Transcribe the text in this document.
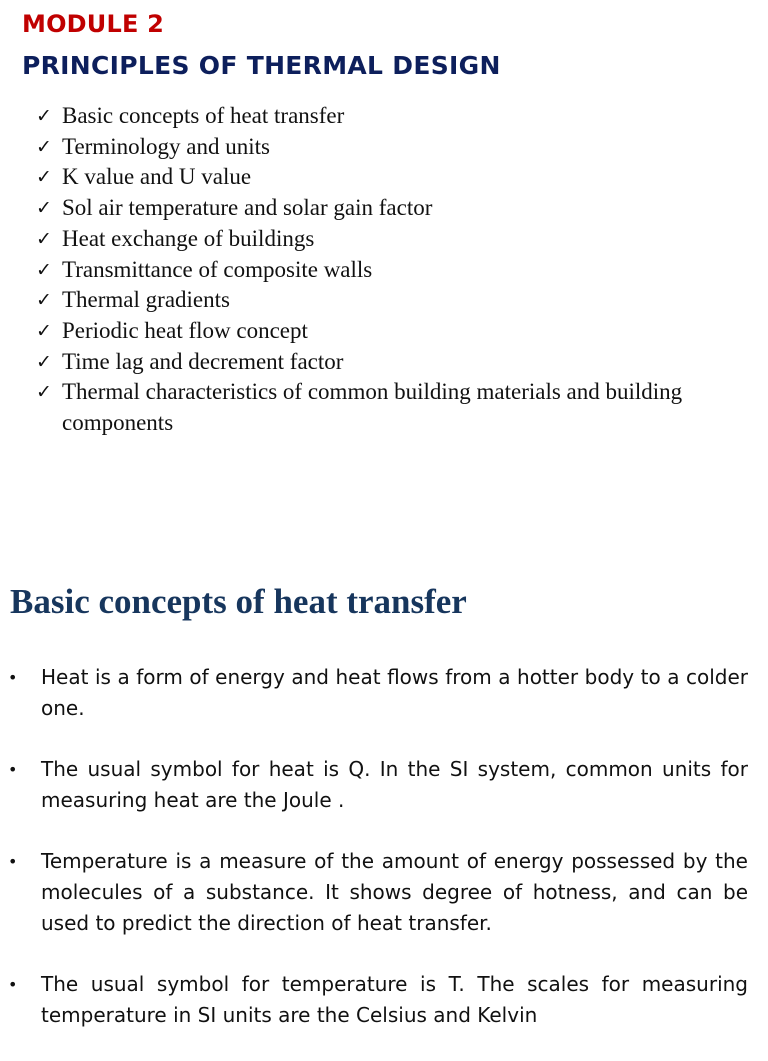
MODULE 2
PRINCIPLES OF THERMAL DESIGN
✓ Basic concepts of heat transfer
✓ Terminology and units
✓ K value and U value
✓ Sol air temperature and solar gain factor
✓ Heat exchange of buildings
✓ Transmittance of composite walls
✓ Thermal gradients
✓ Periodic heat flow concept
✓ Time lag and decrement factor
✓ Thermal characteristics of common building materials and building components
Basic concepts of heat transfer
• Heat is a form of energy and heat flows from a hotter body to a colder one.
• The usual symbol for heat is Q. In the SI system, common units for measuring heat are the Joule .
• Temperature is a measure of the amount of energy possessed by the molecules of a substance. It shows degree of hotness, and can be used to predict the direction of heat transfer.
• The usual symbol for temperature is T. The scales for measuring temperature in SI units are the Celsius and Kelvin
